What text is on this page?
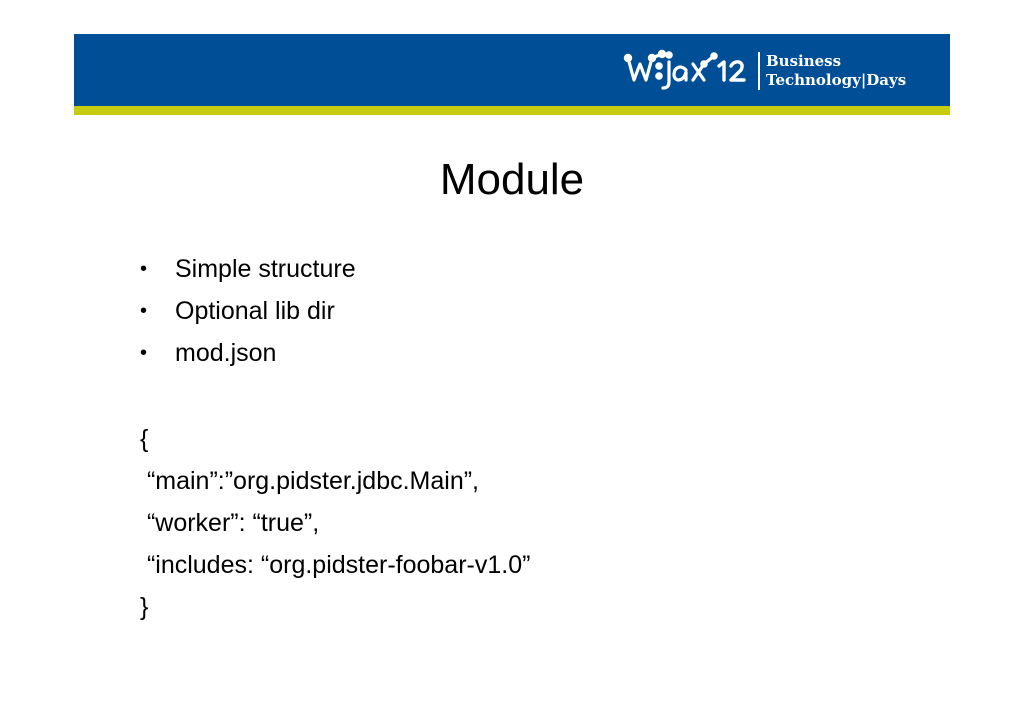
Business
Technology|Days
Module
• Simple structure
• Optional lib dir
• mod.json
{
“main”:”org.pidster.jdbc.Main”,
“worker”: “true”,
“includes: “org.pidster-foobar-v1.0”
}
